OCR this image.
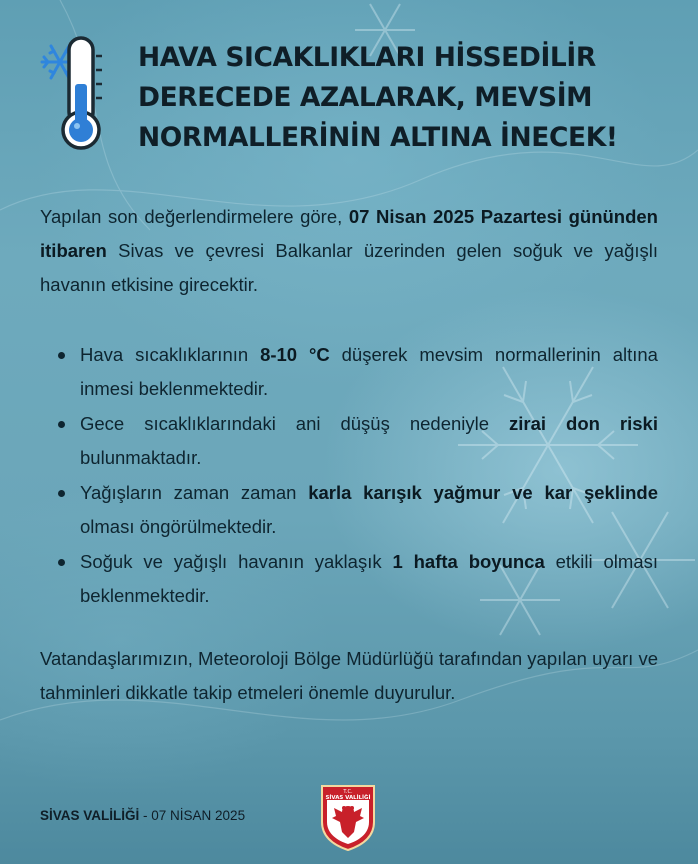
HAVA SICAKLIKLARI HİSSEDİLİR
DERECEDE AZALARAK, MEVSİM
NORMALLERİNİN ALTINA İNECEK!

Yapılan son değerlendirmelere göre, 07 Nisan 2025 Pazartesi gününden itibaren Sivas ve çevresi Balkanlar üzerinden gelen soğuk ve yağışlı havanın etkisine girecektir.

Hava sıcaklıklarının 8-10 °C düşerek mevsim normallerinin altına inmesi beklenmektedir.
Gece sıcaklıklarındaki ani düşüş nedeniyle zirai don riski bulunmaktadır.
Yağışların zaman zaman karla karışık yağmur ve kar şeklinde olması öngörülmektedir.
Soğuk ve yağışlı havanın yaklaşık 1 hafta boyunca etkili olması beklenmektedir.

Vatandaşlarımızın, Meteoroloji Bölge Müdürlüğü tarafından yapılan uyarı ve tahminleri dikkatle takip etmeleri önemle duyurulur.

SİVAS VALİLİĞİ - 07 NİSAN 2025
T.C.
SİVAS VALİLİĞİ
